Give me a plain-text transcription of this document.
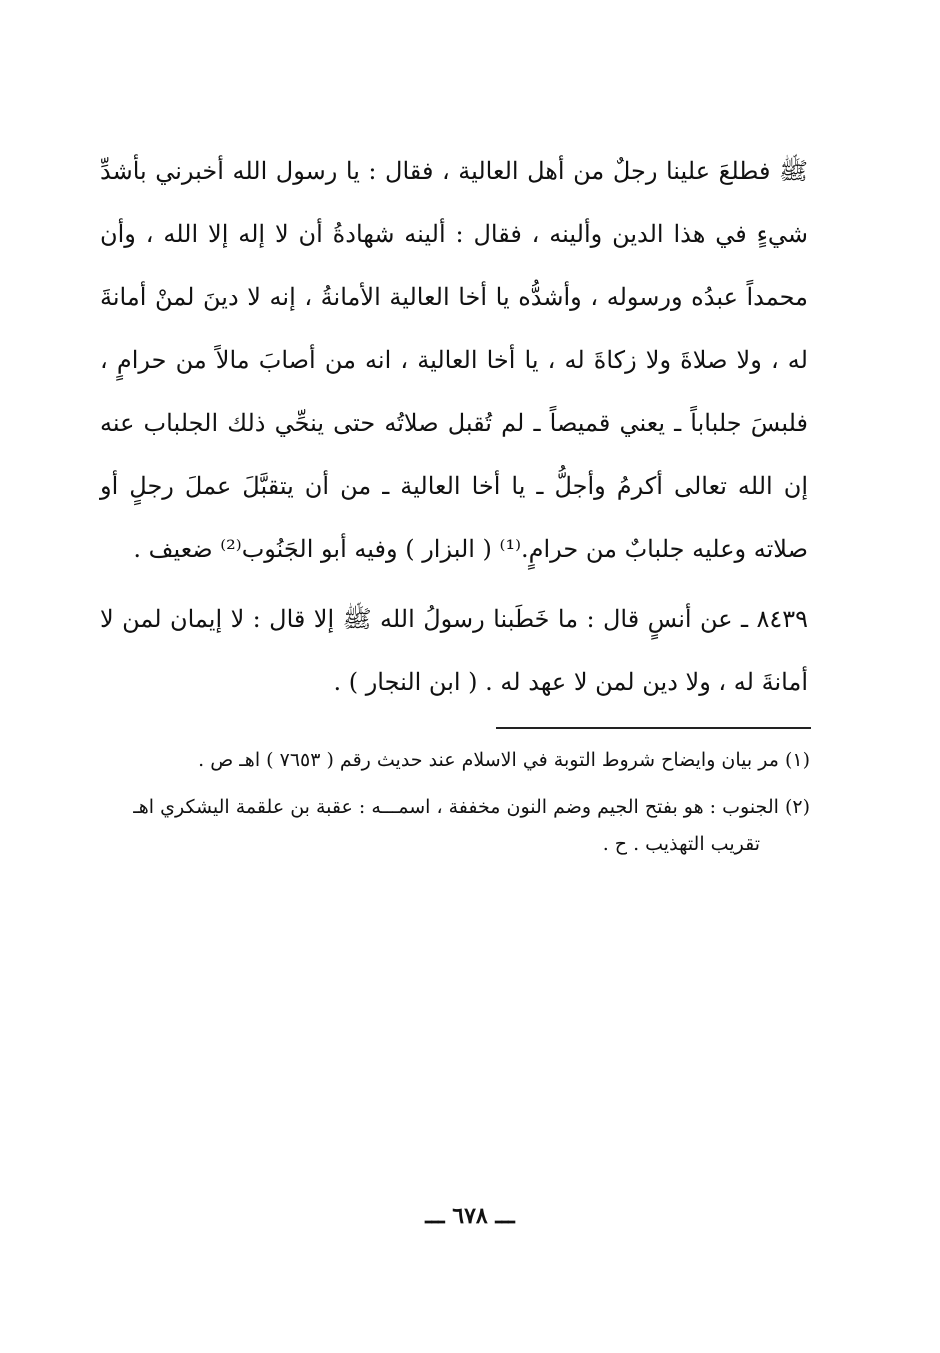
ﷺ فطلعَ علينا رجلٌ من أهل العالية ، فقال : يا رسول الله أخبرني بأشدِّ شيءٍ في هذا الدين وألينه ، فقال : ألينه شهادةُ أن لا إله إلا الله ، وأن محمداً عبدُه ورسوله ، وأشدُّه يا أخا العالية الأمانةُ ، إنه لا دينَ لمنْ أمانةَ له ، ولا صلاةَ ولا زكاةَ له ، يا أخا العالية ، انه من أصابَ مالاً من حرامٍ ، فلبسَ جلباباً ـ يعني قميصاً ـ لم تُقبل صلاتُه حتى ينحِّي ذلك الجلباب عنه إن الله تعالى أكرمُ وأجلُّ ـ يا أخا العالية ـ من أن يتقبَّلَ عملَ رجلٍ أو صلاته وعليه جلبابٌ من حرامٍ.⁽¹⁾ ( البزار ) وفيه أبو الجَنُوب⁽²⁾ ضعيف .

٨٤٣٩ ـ عن أنسٍ قال : ما خَطَبنا رسولُ الله ﷺ إلا قال : لا إيمان لمن لا أمانةَ له ، ولا دين لمن لا عهد له . ( ابن النجار ) .

(١) مر بيان وايضاح شروط التوبة في الاسلام عند حديث رقم ( ٧٦٥٣ ) اهـ ص .

(٢) الجنوب : هو بفتح الجيم وضم النون مخففة ، اسمـــه : عقبة بن علقمة اليشكري اهـ تقريب التهذيب . ح .

ـــ ٦٧٨ ـــ
